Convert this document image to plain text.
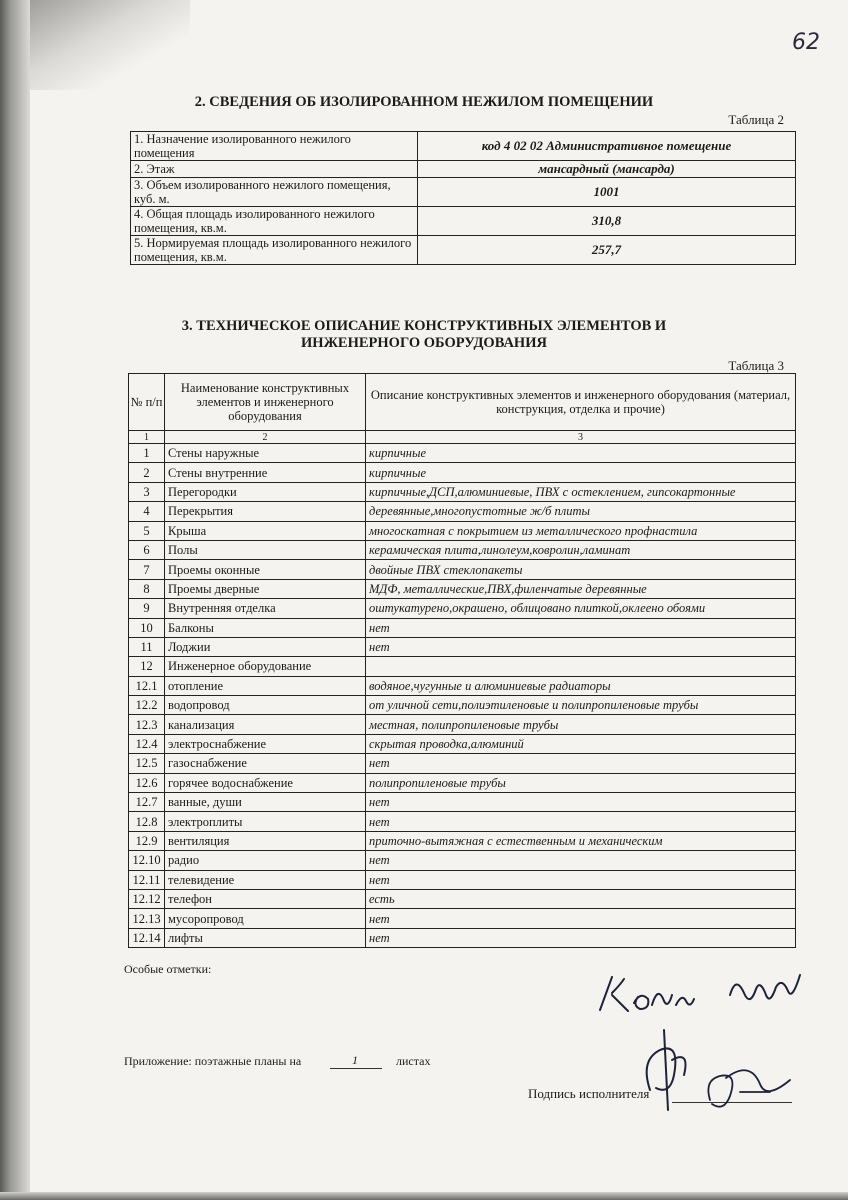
62
2. СВЕДЕНИЯ ОБ ИЗОЛИРОВАННОМ НЕЖИЛОМ ПОМЕЩЕНИИ
Таблица 2
1. Назначение изолированного нежилого помещения	код 4 02 02 Административное помещение
2. Этаж	мансардный (мансарда)
3. Объем изолированного нежилого помещения, куб. м.	1001
4. Общая площадь изолированного нежилого помещения, кв.м.	310,8
5. Нормируемая площадь изолированного нежилого помещения, кв.м.	257,7
3. ТЕХНИЧЕСКОЕ ОПИСАНИЕ КОНСТРУКТИВНЫХ ЭЛЕМЕНТОВ И
ИНЖЕНЕРНОГО ОБОРУДОВАНИЯ
Таблица 3
№ п/п	Наименование конструктивных элементов и инженерного оборудования	Описание конструктивных элементов и инженерного оборудования (материал, конструкция, отделка и прочие)
1	2	3
1	Стены наружные	кирпичные
2	Стены внутренние	кирпичные
3	Перегородки	кирпичные,ДСП,алюминиевые, ПВХ с остеклением, гипсокартонные
4	Перекрытия	деревянные,многопустотные ж/б плиты
5	Крыша	многоскатная с покрытием из металлического профнастила
6	Полы	керамическая плита,линолеум,ковролин,ламинат
7	Проемы оконные	двойные ПВХ стеклопакеты
8	Проемы дверные	МДФ, металлические,ПВХ,филенчатые деревянные
9	Внутренняя отделка	оштукатурено,окрашено, облицовано плиткой,оклеено обоями
10	Балконы	нет
11	Лоджии	нет
12	Инженерное оборудование	
12.1	отопление	водяное,чугунные и алюминиевые радиаторы
12.2	водопровод	от уличной сети,полиэтиленовые и полипропиленовые трубы
12.3	канализация	местная, полипропиленовые трубы
12.4	электроснабжение	скрытая проводка,алюминий
12.5	газоснабжение	нет
12.6	горячее водоснабжение	полипропиленовые трубы
12.7	ванные, души	нет
12.8	электроплиты	нет
12.9	вентиляция	приточно-вытяжная с естественным и механическим
12.10	радио	нет
12.11	телевидение	нет
12.12	телефон	есть
12.13	мусоропровод	нет
12.14	лифты	нет
Особые отметки:
Приложение: поэтажные планы на	1	листах
Подпись исполнителя
